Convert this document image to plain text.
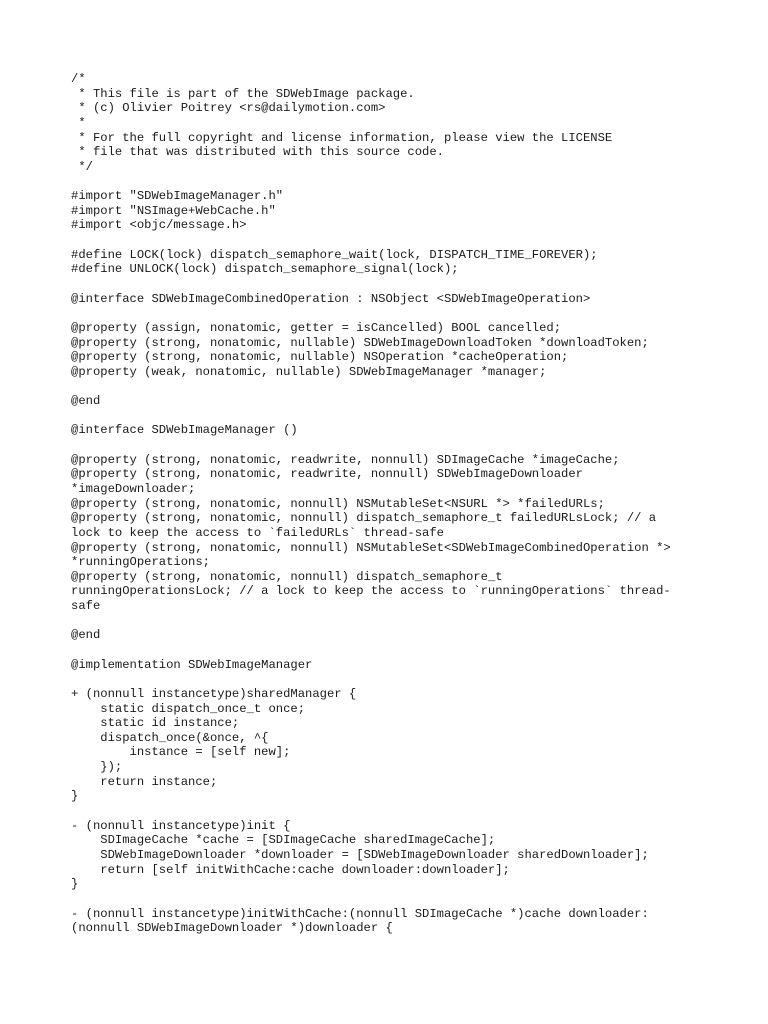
/*
* This file is part of the SDWebImage package.
* (c) Olivier Poitrey <rs@dailymotion.com>
*
* For the full copyright and license information, please view the LICENSE
* file that was distributed with this source code.
*/
#import "SDWebImageManager.h"
#import "NSImage+WebCache.h"
#import <objc/message.h>
#define LOCK(lock) dispatch_semaphore_wait(lock, DISPATCH_TIME_FOREVER);
#define UNLOCK(lock) dispatch_semaphore_signal(lock);
@interface SDWebImageCombinedOperation : NSObject <SDWebImageOperation>
@property (assign, nonatomic, getter = isCancelled) BOOL cancelled;
@property (strong, nonatomic, nullable) SDWebImageDownloadToken *downloadToken;
@property (strong, nonatomic, nullable) NSOperation *cacheOperation;
@property (weak, nonatomic, nullable) SDWebImageManager *manager;
@end
@interface SDWebImageManager ()
@property (strong, nonatomic, readwrite, nonnull) SDImageCache *imageCache;
@property (strong, nonatomic, readwrite, nonnull) SDWebImageDownloader
*imageDownloader;
@property (strong, nonatomic, nonnull) NSMutableSet<NSURL *> *failedURLs;
@property (strong, nonatomic, nonnull) dispatch_semaphore_t failedURLsLock; // a
lock to keep the access to `failedURLs` thread-safe
@property (strong, nonatomic, nonnull) NSMutableSet<SDWebImageCombinedOperation *>
*runningOperations;
@property (strong, nonatomic, nonnull) dispatch_semaphore_t
runningOperationsLock; // a lock to keep the access to `runningOperations` thread-
safe
@end
@implementation SDWebImageManager
+ (nonnull instancetype)sharedManager {
static dispatch_once_t once;
static id instance;
dispatch_once(&once, ^{
instance = [self new];
});
return instance;
}
- (nonnull instancetype)init {
SDImageCache *cache = [SDImageCache sharedImageCache];
SDWebImageDownloader *downloader = [SDWebImageDownloader sharedDownloader];
return [self initWithCache:cache downloader:downloader];
}
- (nonnull instancetype)initWithCache:(nonnull SDImageCache *)cache downloader:
(nonnull SDWebImageDownloader *)downloader {
